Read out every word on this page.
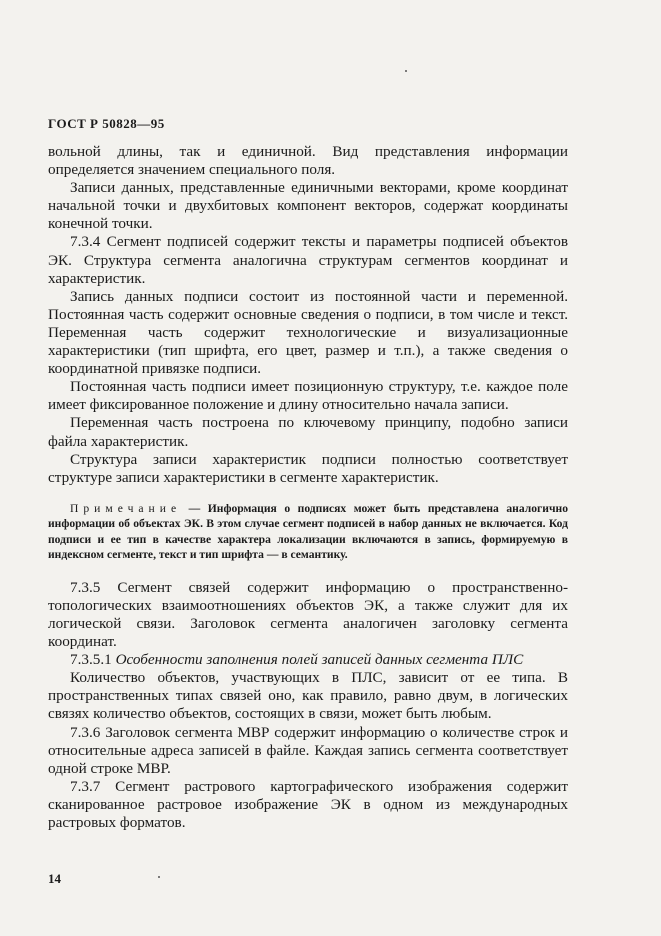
ГОСТ Р 50828—95

вольной длины, так и единичной. Вид представления информации определяется значением специального поля.

Записи данных, представленные единичными векторами, кроме координат начальной точки и двухбитовых компонент векторов, содержат координаты конечной точки.

7.3.4 Сегмент подписей содержит тексты и параметры подписей объектов ЭК. Структура сегмента аналогична структурам сегментов координат и характеристик.

Запись данных подписи состоит из постоянной части и переменной. Постоянная часть содержит основные сведения о подписи, в том числе и текст. Переменная часть содержит технологические и визуализационные характеристики (тип шрифта, его цвет, размер и т.п.), а также сведения о координатной привязке подписи.

Постоянная часть подписи имеет позиционную структуру, т.е. каждое поле имеет фиксированное положение и длину относительно начала записи.

Переменная часть построена по ключевому принципу, подобно записи файла характеристик.

Структура записи характеристик подписи полностью соответствует структуре записи характеристики в сегменте характеристик.

Примечание — Информация о подписях может быть представлена аналогично информации об объектах ЭК. В этом случае сегмент подписей в набор данных не включается. Код подписи и ее тип в качестве характера локализации включаются в запись, формируемую в индексном сегменте, текст и тип шрифта — в семантику.

7.3.5 Сегмент связей содержит информацию о пространственно-топологических взаимоотношениях объектов ЭК, а также служит для их логической связи. Заголовок сегмента аналогичен заголовку сегмента координат.

7.3.5.1 Особенности заполнения полей записей данных сегмента ПЛС

Количество объектов, участвующих в ПЛС, зависит от ее типа. В пространственных типах связей оно, как правило, равно двум, в логических связях количество объектов, состоящих в связи, может быть любым.

7.3.6 Заголовок сегмента МВР содержит информацию о количестве строк и относительные адреса записей в файле. Каждая запись сегмента соответствует одной строке МВР.

7.3.7 Сегмент растрового картографического изображения содержит сканированное растровое изображение ЭК в одном из международных растровых форматов.

14
